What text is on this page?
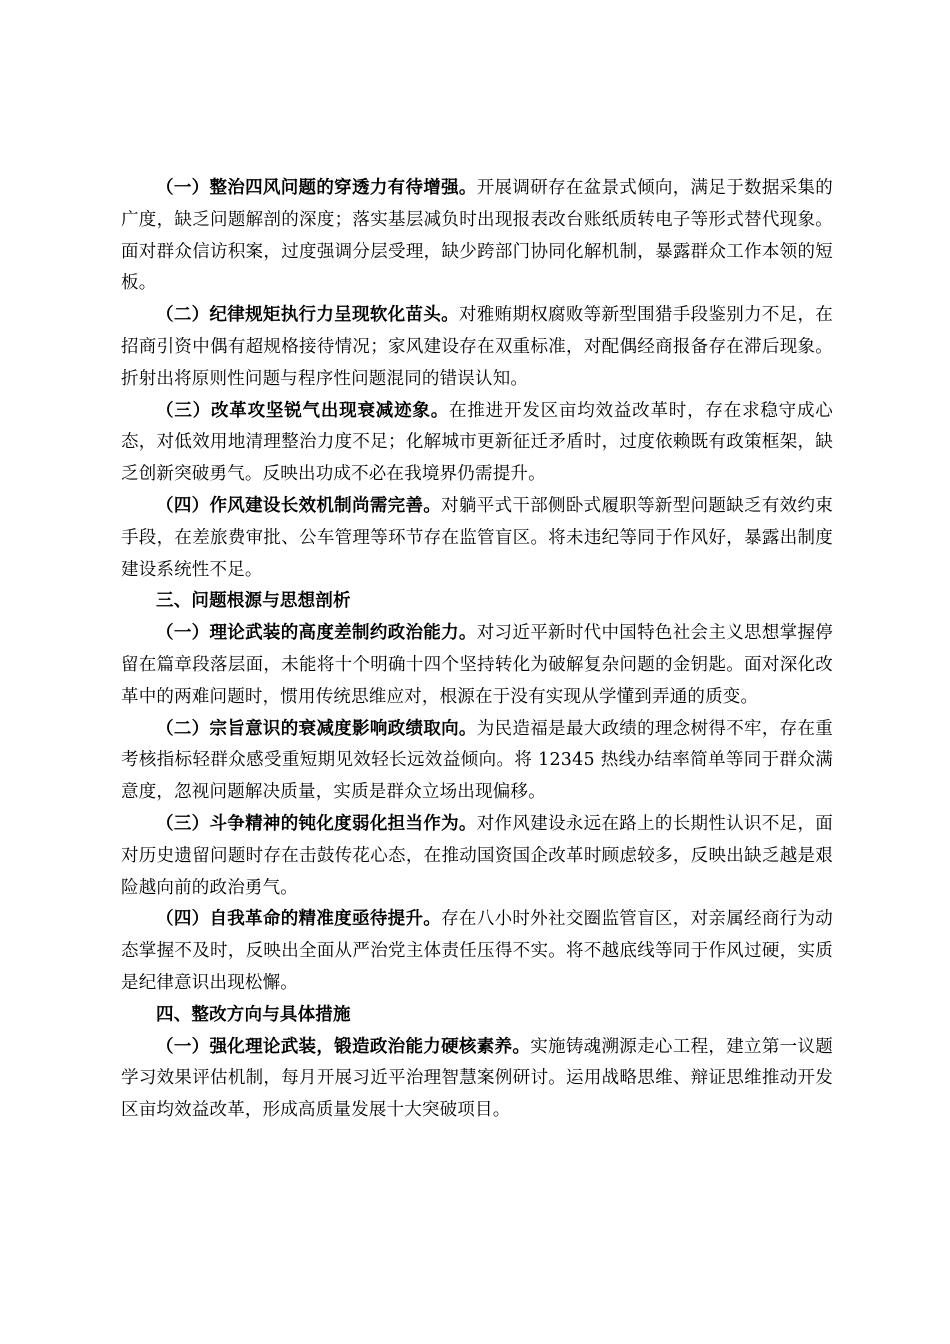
（一）整治四风问题的穿透力有待增强。开展调研存在盆景式倾向，满足于数据采集的广度，缺乏问题解剖的深度；落实基层减负时出现报表改台账纸质转电子等形式替代现象。面对群众信访积案，过度强调分层受理，缺少跨部门协同化解机制，暴露群众工作本领的短板。

（二）纪律规矩执行力呈现软化苗头。对雅贿期权腐败等新型围猎手段鉴别力不足，在招商引资中偶有超规格接待情况；家风建设存在双重标准，对配偶经商报备存在滞后现象。折射出将原则性问题与程序性问题混同的错误认知。

（三）改革攻坚锐气出现衰减迹象。在推进开发区亩均效益改革时，存在求稳守成心态，对低效用地清理整治力度不足；化解城市更新征迁矛盾时，过度依赖既有政策框架，缺乏创新突破勇气。反映出功成不必在我境界仍需提升。

（四）作风建设长效机制尚需完善。对躺平式干部侧卧式履职等新型问题缺乏有效约束手段，在差旅费审批、公车管理等环节存在监管盲区。将未违纪等同于作风好，暴露出制度建设系统性不足。

三、问题根源与思想剖析

（一）理论武装的高度差制约政治能力。对习近平新时代中国特色社会主义思想掌握停留在篇章段落层面，未能将十个明确十四个坚持转化为破解复杂问题的金钥匙。面对深化改革中的两难问题时，惯用传统思维应对，根源在于没有实现从学懂到弄通的质变。

（二）宗旨意识的衰减度影响政绩取向。为民造福是最大政绩的理念树得不牢，存在重考核指标轻群众感受重短期见效轻长远效益倾向。将 12345 热线办结率简单等同于群众满意度，忽视问题解决质量，实质是群众立场出现偏移。

（三）斗争精神的钝化度弱化担当作为。对作风建设永远在路上的长期性认识不足，面对历史遗留问题时存在击鼓传花心态，在推动国资国企改革时顾虑较多，反映出缺乏越是艰险越向前的政治勇气。

（四）自我革命的精准度亟待提升。存在八小时外社交圈监管盲区，对亲属经商行为动态掌握不及时，反映出全面从严治党主体责任压得不实。将不越底线等同于作风过硬，实质是纪律意识出现松懈。

四、整改方向与具体措施

（一）强化理论武装，锻造政治能力硬核素养。实施铸魂溯源走心工程，建立第一议题学习效果评估机制，每月开展习近平治理智慧案例研讨。运用战略思维、辩证思维推动开发区亩均效益改革，形成高质量发展十大突破项目。
